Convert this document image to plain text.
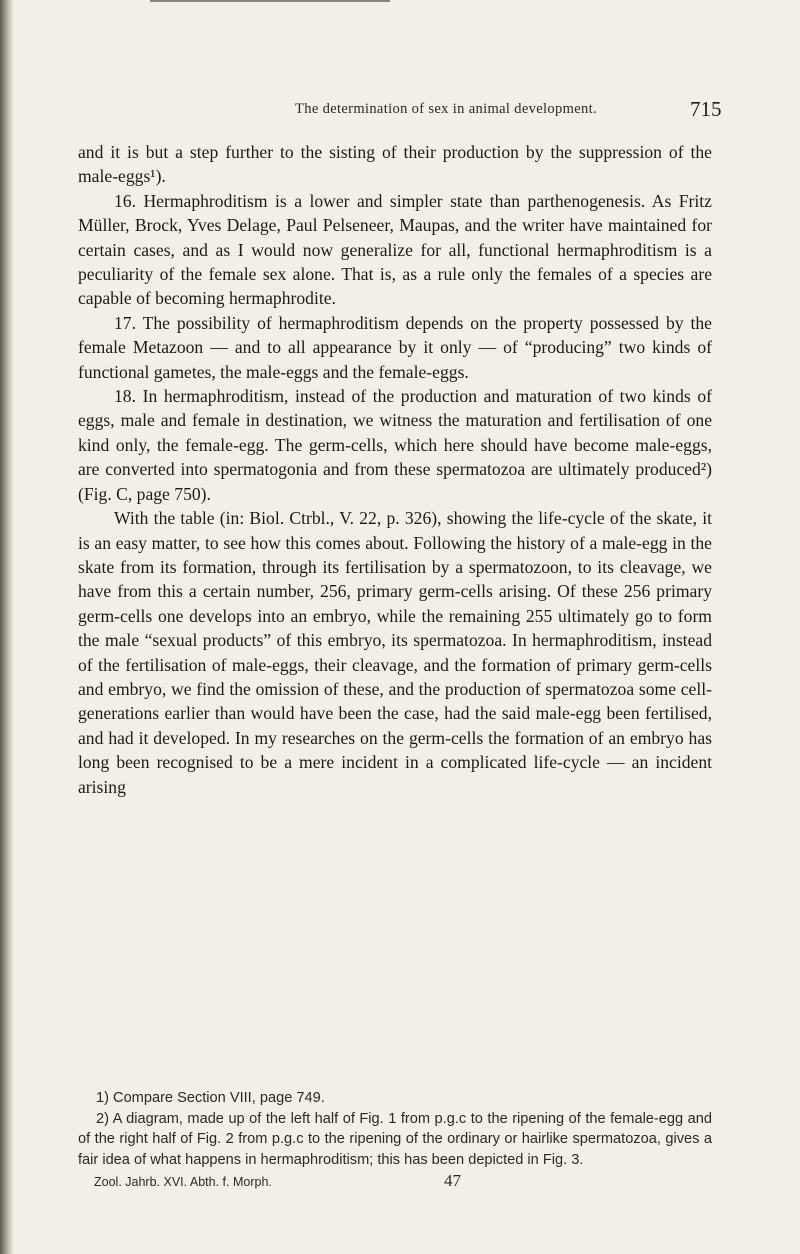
The determination of sex in animal development.	715

and it is but a step further to the sisting of their production by the suppression of the male-eggs¹).

16. Hermaphroditism is a lower and simpler state than parthenogenesis. As Fritz Müller, Brock, Yves Delage, Paul Pelseneer, Maupas, and the writer have maintained for certain cases, and as I would now generalize for all, functional hermaphroditism is a peculiarity of the female sex alone. That is, as a rule only the females of a species are capable of becoming hermaphrodite.

17. The possibility of hermaphroditism depends on the property possessed by the female Metazoon — and to all appearance by it only — of “producing” two kinds of functional gametes, the male-eggs and the female-eggs.

18. In hermaphroditism, instead of the production and maturation of two kinds of eggs, male and female in destination, we witness the maturation and fertilisation of one kind only, the female-egg. The germ-cells, which here should have become male-eggs, are converted into spermatogonia and from these spermatozoa are ultimately produced²) (Fig. C, page 750).

With the table (in: Biol. Ctrbl., V. 22, p. 326), showing the life-cycle of the skate, it is an easy matter, to see how this comes about. Following the history of a male-egg in the skate from its formation, through its fertilisation by a spermatozoon, to its cleavage, we have from this a certain number, 256, primary germ-cells arising. Of these 256 primary germ-cells one develops into an embryo, while the remaining 255 ultimately go to form the male “sexual products” of this embryo, its spermatozoa. In hermaphroditism, instead of the fertilisation of male-eggs, their cleavage, and the formation of primary germ-cells and embryo, we find the omission of these, and the production of spermatozoa some cell-generations earlier than would have been the case, had the said male-egg been fertilised, and had it developed. In my researches on the germ-cells the formation of an embryo has long been recognised to be a mere incident in a complicated life-cycle — an incident arising

1) Compare Section VIII, page 749.

2) A diagram, made up of the left half of Fig. 1 from p.g.c to the ripening of the female-egg and of the right half of Fig. 2 from p.g.c to the ripening of the ordinary or hairlike spermatozoa, gives a fair idea of what happens in hermaphroditism; this has been depicted in Fig. 3.

Zool. Jahrb. XVI. Abth. f. Morph.	47
